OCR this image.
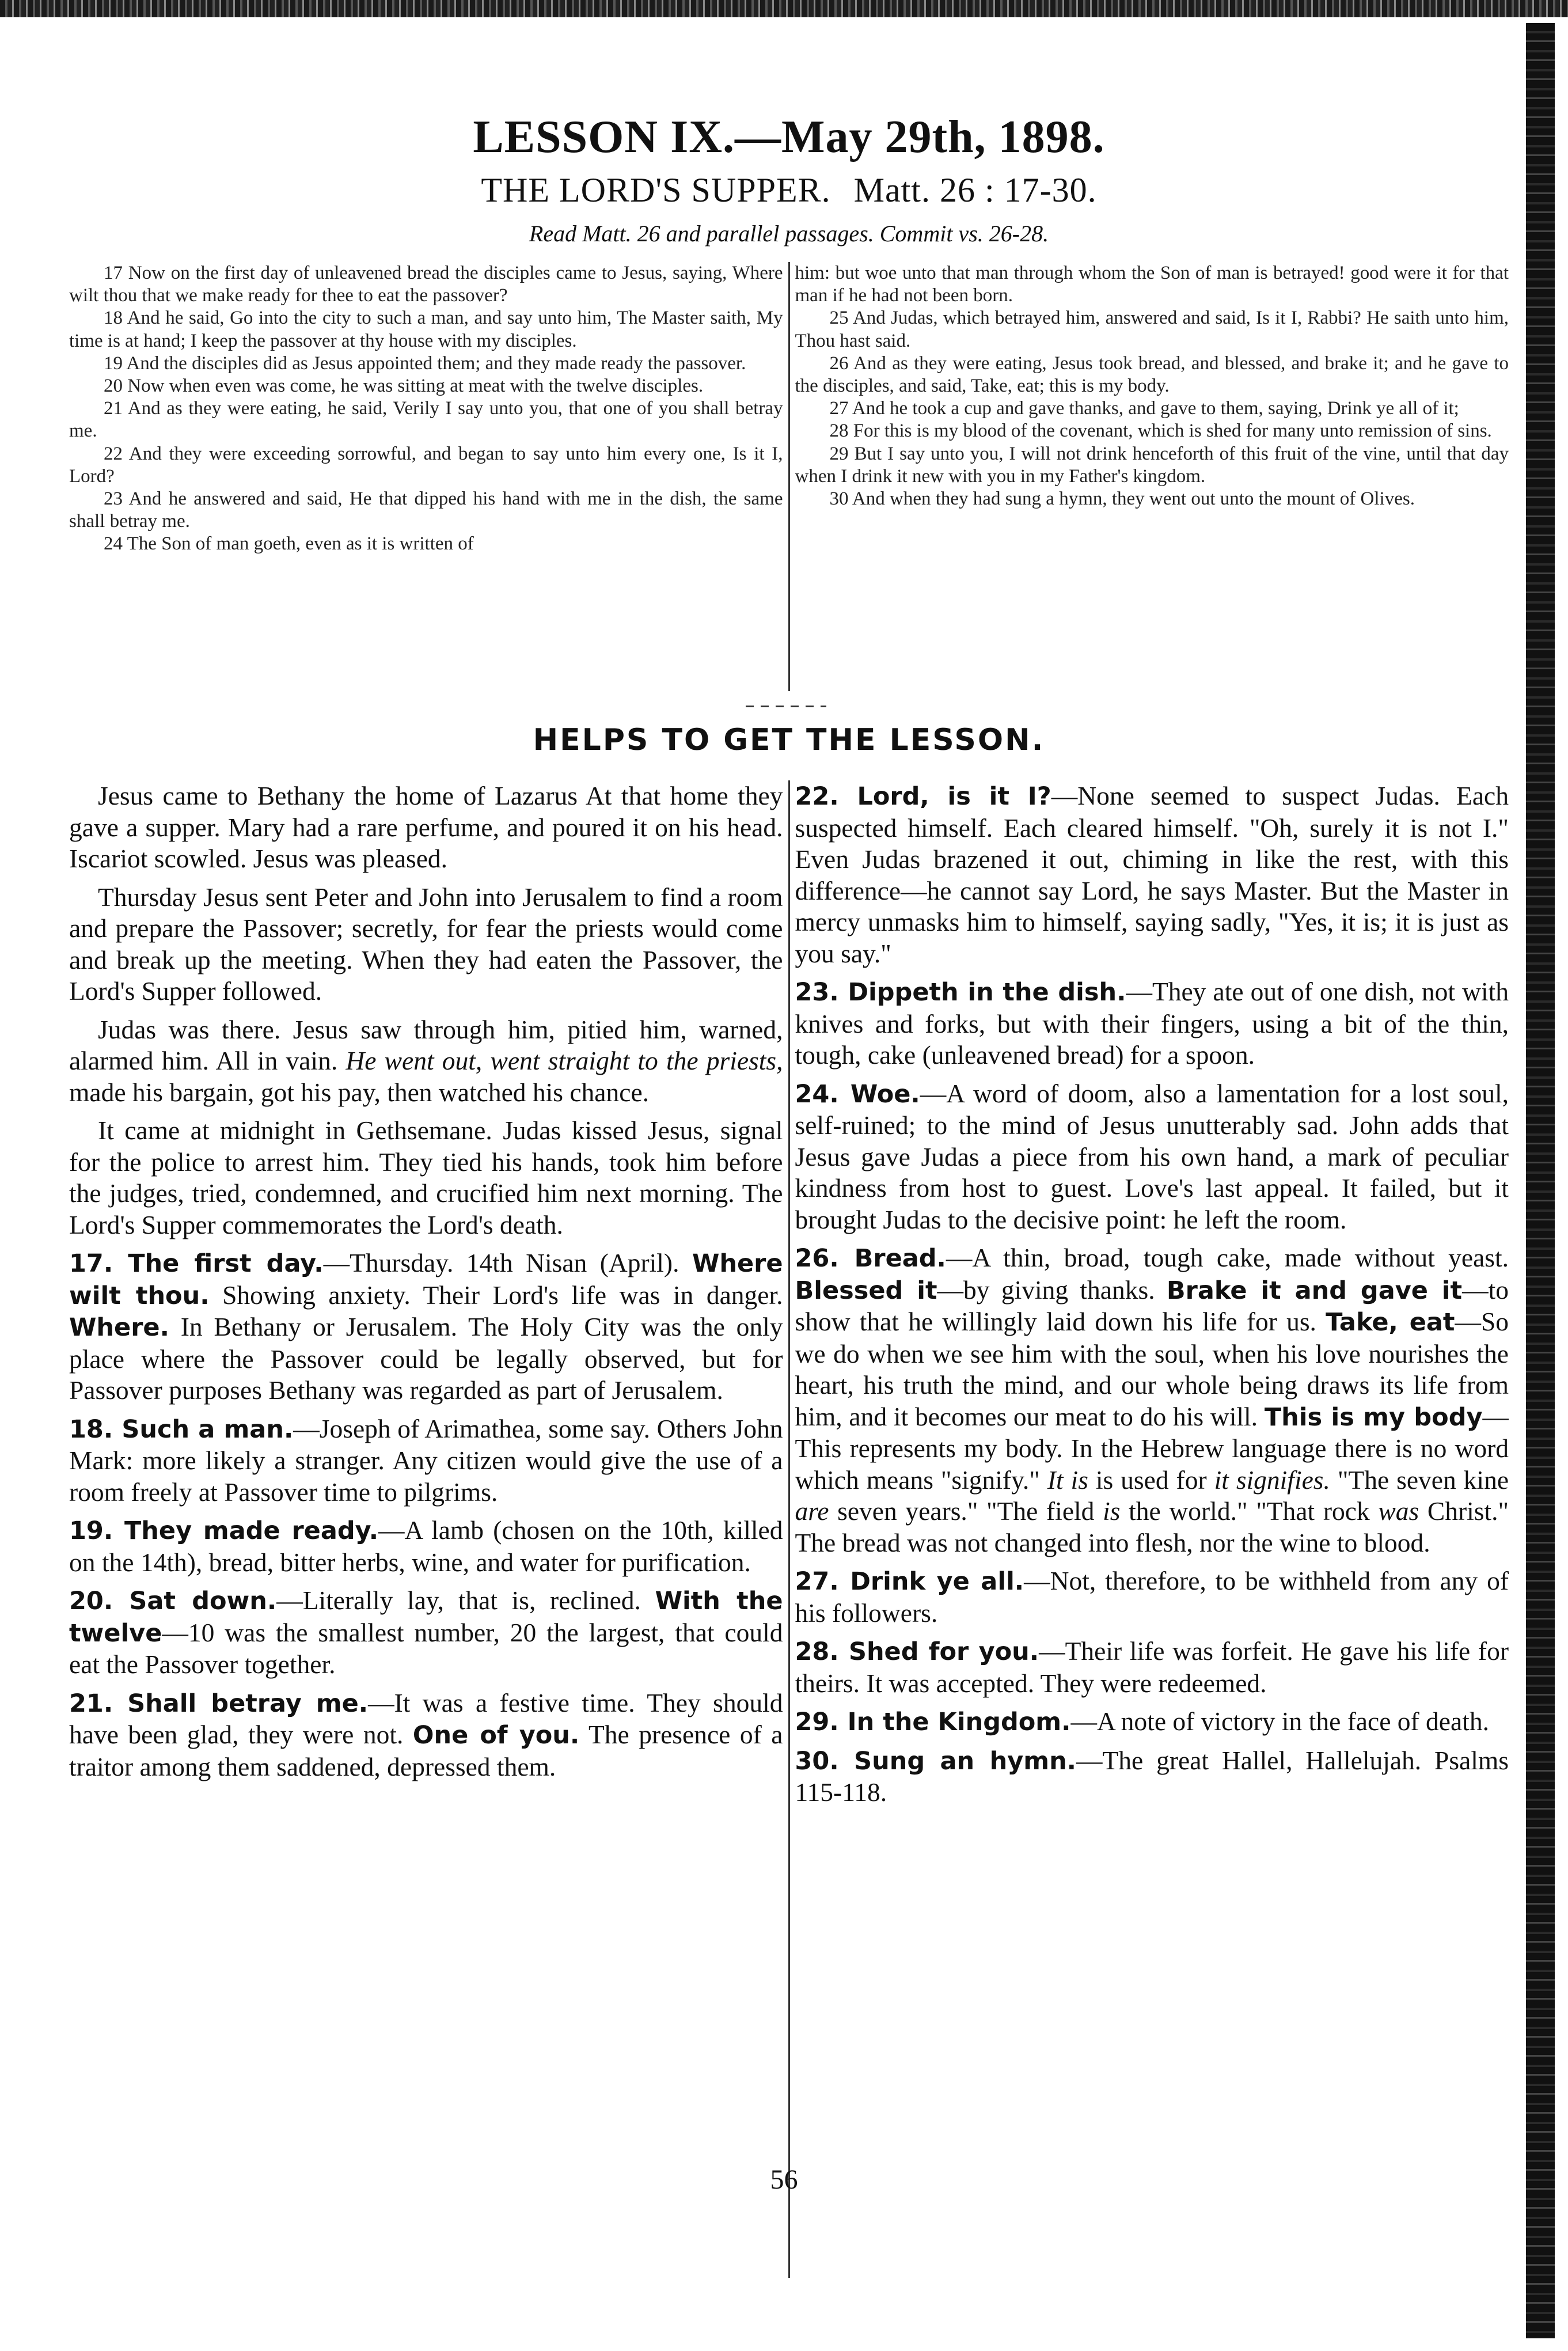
LESSON IX.—May 29th, 1898.

THE LORD'S SUPPER. Matt. 26 : 17-30.

Read Matt. 26 and parallel passages. Commit vs. 26-28.

17 Now on the first day of unleavened bread the disciples came to Jesus, saying, Where wilt thou that we make ready for thee to eat the passover?

18 And he said, Go into the city to such a man, and say unto him, The Master saith, My time is at hand; I keep the passover at thy house with my disciples.

19 And the disciples did as Jesus appointed them; and they made ready the passover.

20 Now when even was come, he was sitting at meat with the twelve disciples.

21 And as they were eating, he said, Verily I say unto you, that one of you shall betray me.

22 And they were exceeding sorrowful, and began to say unto him every one, Is it I, Lord?

23 And he answered and said, He that dipped his hand with me in the dish, the same shall betray me.

24 The Son of man goeth, even as it is written of

him: but woe unto that man through whom the Son of man is betrayed! good were it for that man if he had not been born.

25 And Judas, which betrayed him, answered and said, Is it I, Rabbi? He saith unto him, Thou hast said.

26 And as they were eating, Jesus took bread, and blessed, and brake it; and he gave to the disciples, and said, Take, eat; this is my body.

27 And he took a cup and gave thanks, and gave to them, saying, Drink ye all of it;

28 For this is my blood of the covenant, which is shed for many unto remission of sins.

29 But I say unto you, I will not drink henceforth of this fruit of the vine, until that day when I drink it new with you in my Father's kingdom.

30 And when they had sung a hymn, they went out unto the mount of Olives.

HELPS TO GET THE LESSON.

Jesus came to Bethany the home of Lazarus At that home they gave a supper. Mary had a rare perfume, and poured it on his head. Iscariot scowled. Jesus was pleased.

Thursday Jesus sent Peter and John into Jerusalem to find a room and prepare the Passover; secretly, for fear the priests would come and break up the meeting. When they had eaten the Passover, the Lord's Supper followed.

Judas was there. Jesus saw through him, pitied him, warned, alarmed him. All in vain. He went out, went straight to the priests, made his bargain, got his pay, then watched his chance.

It came at midnight in Gethsemane. Judas kissed Jesus, signal for the police to arrest him. They tied his hands, took him before the judges, tried, condemned, and crucified him next morning. The Lord's Supper commemorates the Lord's death.

17. The first day.—Thursday. 14th Nisan (April). Where wilt thou. Showing anxiety. Their Lord's life was in danger. Where. In Bethany or Jerusalem. The Holy City was the only place where the Passover could be legally observed, but for Passover purposes Bethany was regarded as part of Jerusalem.

18. Such a man.—Joseph of Arimathea, some say. Others John Mark: more likely a stranger. Any citizen would give the use of a room freely at Passover time to pilgrims.

19. They made ready.—A lamb (chosen on the 10th, killed on the 14th), bread, bitter herbs, wine, and water for purification.

20. Sat down.—Literally lay, that is, reclined. With the twelve—10 was the smallest number, 20 the largest, that could eat the Passover together.

21. Shall betray me.—It was a festive time. They should have been glad, they were not. One of you. The presence of a traitor among them saddened, depressed them.

22. Lord, is it I?—None seemed to suspect Judas. Each suspected himself. Each cleared himself. "Oh, surely it is not I." Even Judas brazened it out, chiming in like the rest, with this difference—he cannot say Lord, he says Master. But the Master in mercy unmasks him to himself, saying sadly, "Yes, it is; it is just as you say."

23. Dippeth in the dish.—They ate out of one dish, not with knives and forks, but with their fingers, using a bit of the thin, tough, cake (unleavened bread) for a spoon.

24. Woe.—A word of doom, also a lamentation for a lost soul, self-ruined; to the mind of Jesus unutterably sad. John adds that Jesus gave Judas a piece from his own hand, a mark of peculiar kindness from host to guest. Love's last appeal. It failed, but it brought Judas to the decisive point: he left the room.

26. Bread.—A thin, broad, tough cake, made without yeast. Blessed it—by giving thanks. Brake it and gave it—to show that he willingly laid down his life for us. Take, eat—So we do when we see him with the soul, when his love nourishes the heart, his truth the mind, and our whole being draws its life from him, and it becomes our meat to do his will. This is my body—This represents my body. In the Hebrew language there is no word which means "signify." It is is used for it signifies. "The seven kine are seven years." "The field is the world." "That rock was Christ." The bread was not changed into flesh, nor the wine to blood.

27. Drink ye all.—Not, therefore, to be withheld from any of his followers.

28. Shed for you.—Their life was forfeit. He gave his life for theirs. It was accepted. They were redeemed.

29. In the Kingdom.—A note of victory in the face of death.

30. Sung an hymn.—The great Hallel, Hallelujah. Psalms 115-118.

56
